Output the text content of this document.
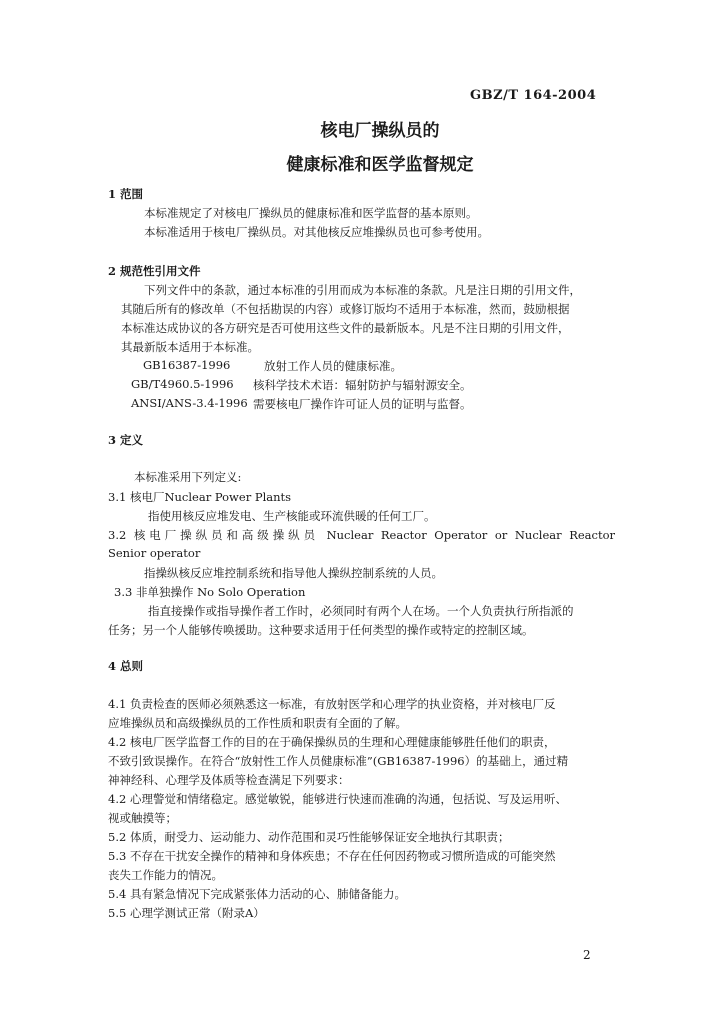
GBZ/T 164-2004
核电厂操纵员的
健康标准和医学监督规定
1 范围
本标准规定了对核电厂操纵员的健康标准和医学监督的基本原则。
本标准适用于核电厂操纵员。对其他核反应堆操纵员也可参考使用。
2 规范性引用文件
下列文件中的条款，通过本标准的引用而成为本标准的条款。凡是注日期的引用文件，
其随后所有的修改单（不包括勘误的内容）或修订版均不适用于本标准，然而，鼓励根据
本标准达成协议的各方研究是否可使用这些文件的最新版本。凡是不注日期的引用文件，
其最新版本适用于本标准。
GB16387-1996	放射工作人员的健康标准。
GB/T4960.5-1996 核科学技术术语：辐射防护与辐射源安全。
ANSI/ANS-3.4-1996 需要核电厂操作许可证人员的证明与监督。
3 定义
本标准采用下列定义:
3.1 核电厂Nuclear Power Plants
指使用核反应堆发电、生产核能或环流供暖的任何工厂。
3.2 核电厂操纵员和高级操纵员 Nuclear Reactor Operator or Nuclear Reactor
Senior operator
指操纵核反应堆控制系统和指导他人操纵控制系统的人员。
3.3 非单独操作 No Solo Operation
指直接操作或指导操作者工作时，必须同时有两个人在场。一个人负责执行所指派的
任务；另一个人能够传唤援助。这种要求适用于任何类型的操作或特定的控制区域。
4 总则
4.1 负责检查的医师必须熟悉这一标准，有放射医学和心理学的执业资格，并对核电厂反
应堆操纵员和高级操纵员的工作性质和职责有全面的了解。
4.2 核电厂医学监督工作的目的在于确保操纵员的生理和心理健康能够胜任他们的职责，
不致引致误操作。在符合“放射性工作人员健康标准”(GB16387-1996）的基础上，通过精
神神经科、心理学及体质等检查满足下列要求：
4.2 心理警觉和情绪稳定。感觉敏锐，能够进行快速而准确的沟通，包括说、写及运用听、
视或触摸等；
5.2 体质，耐受力、运动能力、动作范围和灵巧性能够保证安全地执行其职责；
5.3 不存在干扰安全操作的精神和身体疾患；不存在任何因药物或习惯所造成的可能突然
丧失工作能力的情况。
5.4 具有紧急情况下完成紧张体力活动的心、肺储备能力。
5.5 心理学测试正常（附录A）
2
